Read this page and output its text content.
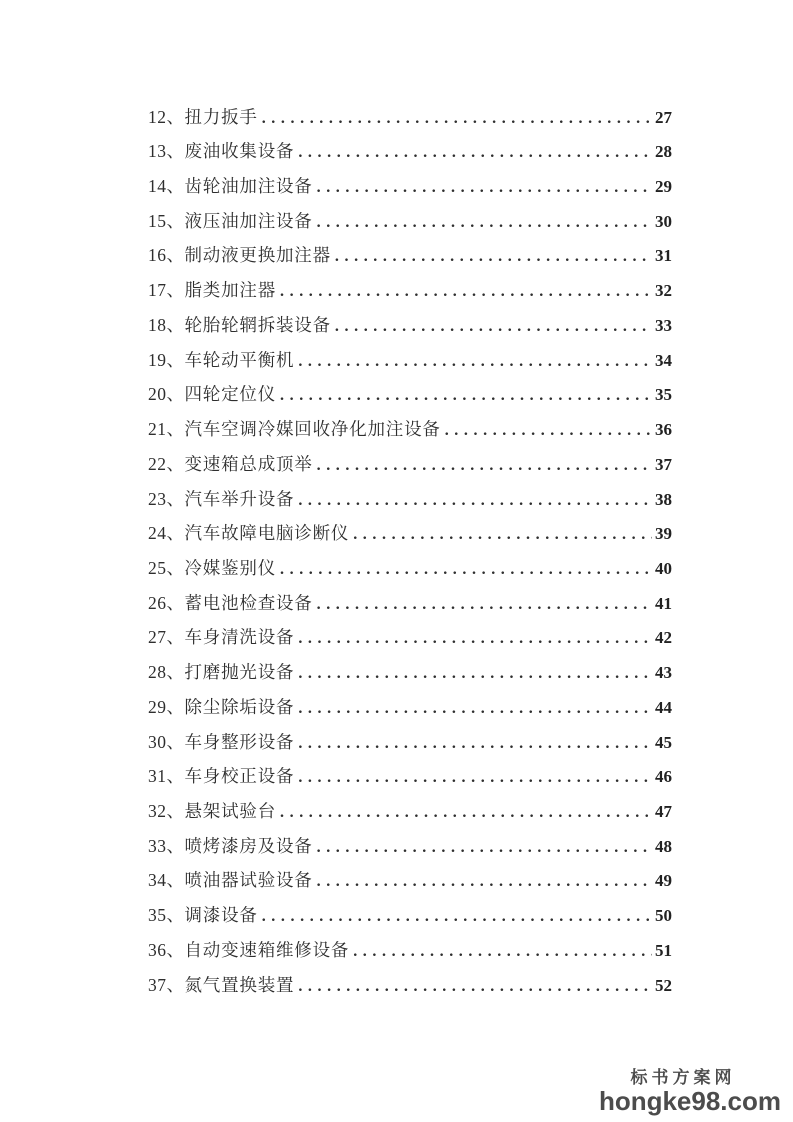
12、 扭力扳手 .....	27
13、 废油收集设备 .....	28
14、 齿轮油加注设备 .....	29
15、 液压油加注设备 .....	30
16、 制动液更换加注器 .....	31
17、 脂类加注器 .....	32
18、 轮胎轮辋拆装设备 .....	33
19、 车轮动平衡机 .....	34
20、 四轮定位仪 .....	35
21、 汽车空调冷媒回收净化加注设备 .....	36
22、 变速箱总成顶举 .....	37
23、 汽车举升设备 .....	38
24、 汽车故障电脑诊断仪 .....	39
25、 冷媒鉴别仪 .....	40
26、 蓄电池检查设备 .....	41
27、 车身清洗设备 .....	42
28、 打磨抛光设备 .....	43
29、 除尘除垢设备 .....	44
30、 车身整形设备 .....	45
31、 车身校正设备 .....	46
32、 悬架试验台 .....	47
33、 喷烤漆房及设备 .....	48
34、 喷油器试验设备 .....	49
35、 调漆设备 .....	50
36、 自动变速箱维修设备 .....	51
37、 氮气置换装置 .....	52
标书方案网
hongke98.com
